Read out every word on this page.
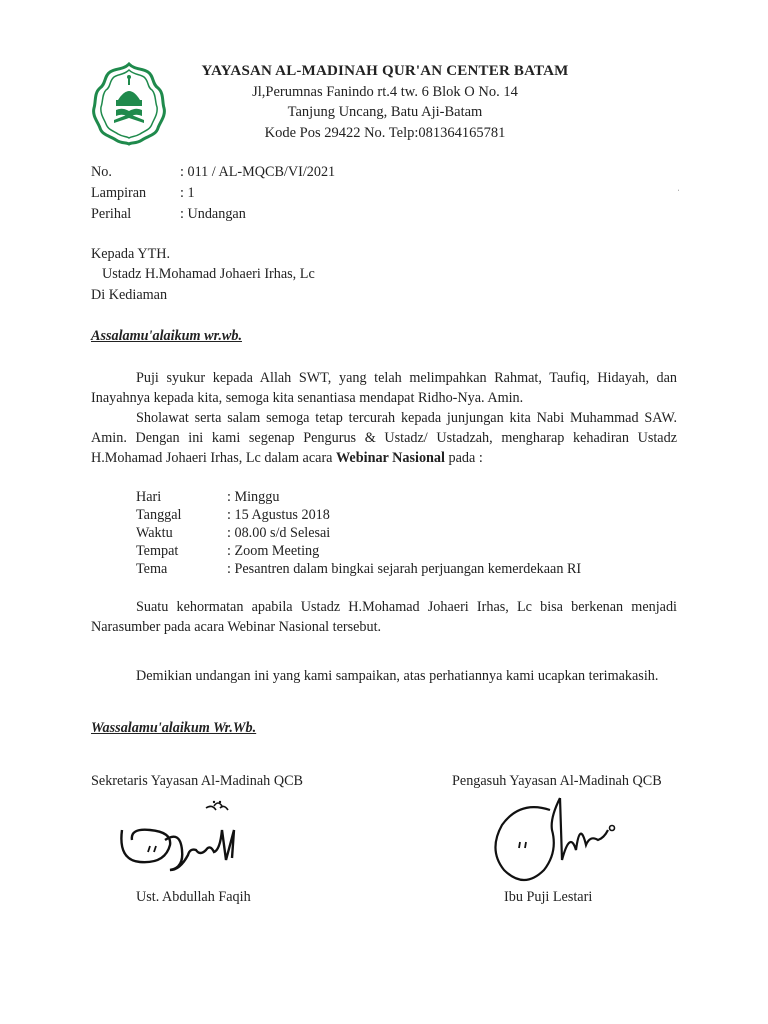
YAYASAN AL-MADINAH QUR'AN CENTER BATAM
Jl,Perumnas Fanindo rt.4 tw. 6 Blok O No. 14
Tanjung Uncang, Batu Aji-Batam
Kode Pos 29422 No. Telp:081364165781
ˌ
No.	: 011 / AL-MQCB/VI/2021
Lampiran : 1
Perihal	: Undangan
Kepada YTH.
Ustadz H.Mohamad Johaeri Irhas, Lc
Di Kediaman
Assalamu'alaikum wr.wb.
Puji syukur kepada Allah SWT, yang telah melimpahkan Rahmat, Taufiq, Hidayah, dan Inayahnya kepada kita, semoga kita senantiasa mendapat Ridho-Nya. Amin.
Sholawat serta salam semoga tetap tercurah kepada junjungan kita Nabi Muhammad SAW. Amin. Dengan ini kami segenap Pengurus & Ustadz/ Ustadzah, mengharap kehadiran Ustadz H.Mohamad Johaeri Irhas, Lc dalam acara Webinar Nasional pada :
Hari	: Minggu
Tanggal	: 15 Agustus 2018
Waktu	: 08.00 s/d Selesai
Tempat	: Zoom Meeting
Tema	: Pesantren dalam bingkai sejarah perjuangan kemerdekaan RI
Suatu kehormatan apabila Ustadz H.Mohamad Johaeri Irhas, Lc bisa berkenan menjadi Narasumber pada acara Webinar Nasional tersebut.
Demikian undangan ini yang kami sampaikan, atas perhatiannya kami ucapkan terimakasih.
Wassalamu'alaikum Wr.Wb.
Sekretaris Yayasan Al-Madinah QCB	Pengasuh Yayasan Al-Madinah QCB
Ust. Abdullah Faqih	Ibu Puji Lestari
